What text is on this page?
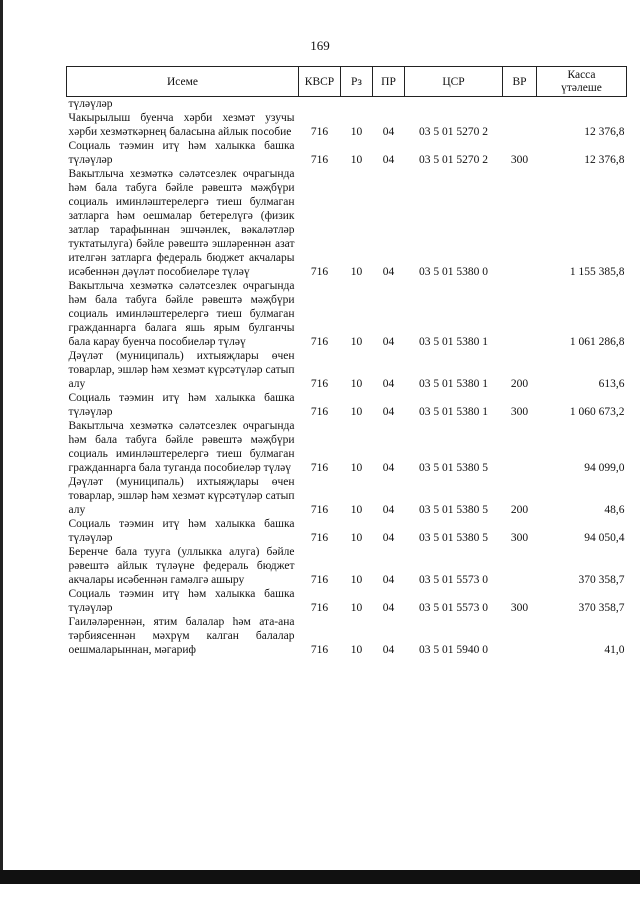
169
Исеме	КВСР	Рз	ПР	ЦСР	ВР	Касса
үтәлеше

түләүләр						
Чакырылыш буенча хәрби хезмәт узучы хәрби хезмәткәрнең баласына айлык пособие	716	10	04	03 5 01 5270 2		12 376,8
Социаль тәэмин итү һәм халыкка башка түләүләр	716	10	04	03 5 01 5270 2	300	12 376,8
Вакытлыча хезмәткә сәләтсезлек очрагында һәм бала табуга бәйле рәвештә мәҗбүри социаль иминләштерелергә тиеш булмаган затларга һәм оешмалар бетерелүгә (физик затлар тарафыннан эшчәнлек, вәкаләтләр туктатылуга) бәйле рәвештә эшләреннән азат ителгән затларга федераль бюджет акчалары исәбеннән дәүләт пособиеләре түләү	716	10	04	03 5 01 5380 0		1 155 385,8
Вакытлыча хезмәткә сәләтсезлек очрагында һәм бала табуга бәйле рәвештә мәҗбүри социаль иминләштерелергә тиеш булмаган гражданнарга балага яшь ярым булганчы бала карау буенча пособиеләр түләү	716	10	04	03 5 01 5380 1		1 061 286,8
Дәүләт (муниципаль) ихтыяҗлары өчен товарлар, эшләр һәм хезмәт күрсәтүләр сатып алу	716	10	04	03 5 01 5380 1	200	613,6
Социаль тәэмин итү һәм халыкка башка түләүләр	716	10	04	03 5 01 5380 1	300	1 060 673,2
Вакытлыча хезмәткә сәләтсезлек очрагында һәм бала табуга бәйле рәвештә мәҗбүри социаль иминләштерелергә тиеш булмаган гражданнарга бала туганда пособиеләр түләү	716	10	04	03 5 01 5380 5		94 099,0
Дәүләт (муниципаль) ихтыяҗлары өчен товарлар, эшләр һәм хезмәт күрсәтүләр сатып алу	716	10	04	03 5 01 5380 5	200	48,6
Социаль тәэмин итү һәм халыкка башка түләүләр	716	10	04	03 5 01 5380 5	300	94 050,4
Беренче бала туугa (уллыкка алуга) бәйле рәвештә айлык түләүне федераль бюджет акчалары исәбеннән гамәлгә ашыру	716	10	04	03 5 01 5573 0		370 358,7
Социаль тәэмин итү һәм халыкка башка түләүләр	716	10	04	03 5 01 5573 0	300	370 358,7
Гаиләләреннән, ятим балалар һәм ата-ана тәрбиясеннән мәхрүм калган балалар оешмаларыннан, мәгариф	716	10	04	03 5 01 5940 0		41,0
